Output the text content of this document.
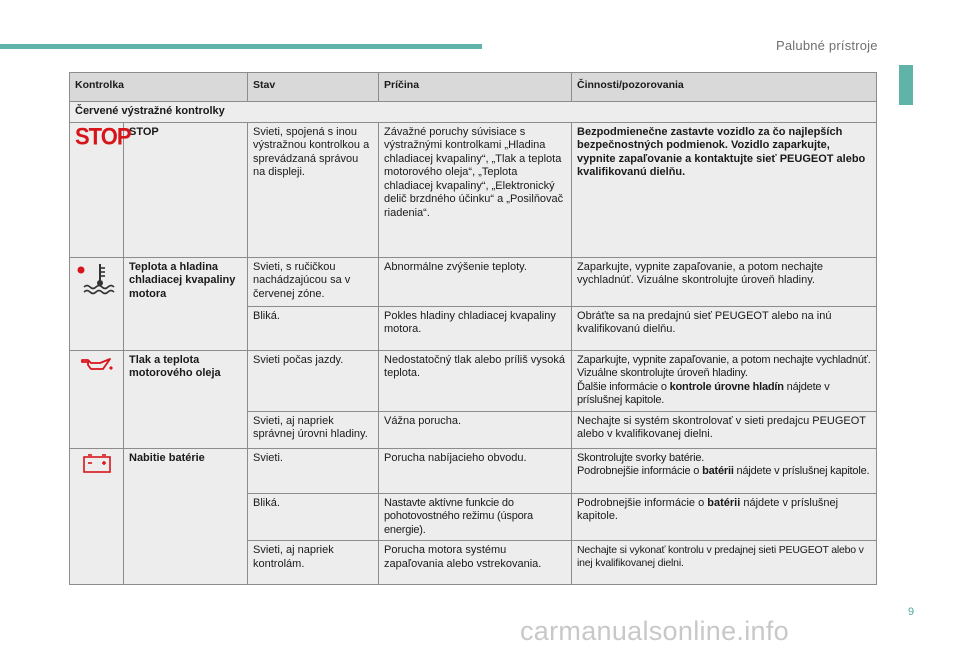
Palubné prístroje
Kontrolka		Stav	Príčina	Činnosti/pozorovania
Červené výstražné kontrolky				
STOP	STOP	Svieti, spojená s inou výstražnou kontrolkou a sprevádzaná správou na displeji.	Závažné poruchy súvisiace s výstražnými kontrolkami „Hladina chladiacej kvapaliny“, „Tlak a teplota motorového oleja“, „Teplota chladiacej kvapaliny“, „Elektronický delič brzdného účinku“ a „Posilňovač riadenia“.	Bezpodmienečne zastavte vozidlo za čo najlepších bezpečnostných podmienok. Vozidlo zaparkujte, vypnite zapaľovanie a kontaktujte sieť PEUGEOT alebo kvalifikovanú dielňu.
	Teplota a hladina chladiacej kvapaliny motora	Svieti, s ručičkou nachádzajúcou sa v červenej zóne.	Abnormálne zvýšenie teploty.	Zaparkujte, vypnite zapaľovanie, a potom nechajte vychladnúť. Vizuálne skontrolujte úroveň hladiny.
		Bliká.	Pokles hladiny chladiacej kvapaliny motora.	Obráťte sa na predajnú sieť PEUGEOT alebo na inú kvalifikovanú dielňu.
	Tlak a teplota motorového oleja	Svieti počas jazdy.	Nedostatočný tlak alebo príliš vysoká teplota.	Zaparkujte, vypnite zapaľovanie, a potom nechajte vychladnúť.
Vizuálne skontrolujte úroveň hladiny.
Ďalšie informácie o kontrole úrovne hladín nájdete v príslušnej kapitole.

		Svieti, aj napriek správnej úrovni hladiny.	Vážna porucha.	Nechajte si systém skontrolovať v sieti predajcu PEUGEOT alebo v kvalifikovanej dielni.
	Nabitie batérie	Svieti.	Porucha nabíjacieho obvodu.	Skontrolujte svorky batérie.
Podrobnejšie informácie o batérii nájdete v príslušnej kapitole.

		Bliká.	Nastavte aktívne funkcie do pohotovostného režimu (úspora energie).	Podrobnejšie informácie o batérii nájdete v príslušnej kapitole.
		Svieti, aj napriek kontrolám.	Porucha motora systému zapaľovania alebo vstrekovania.	Nechajte si vykonať kontrolu v predajnej sieti PEUGEOT alebo v inej kvalifikovanej dielni.
9
carmanualsonline.info
